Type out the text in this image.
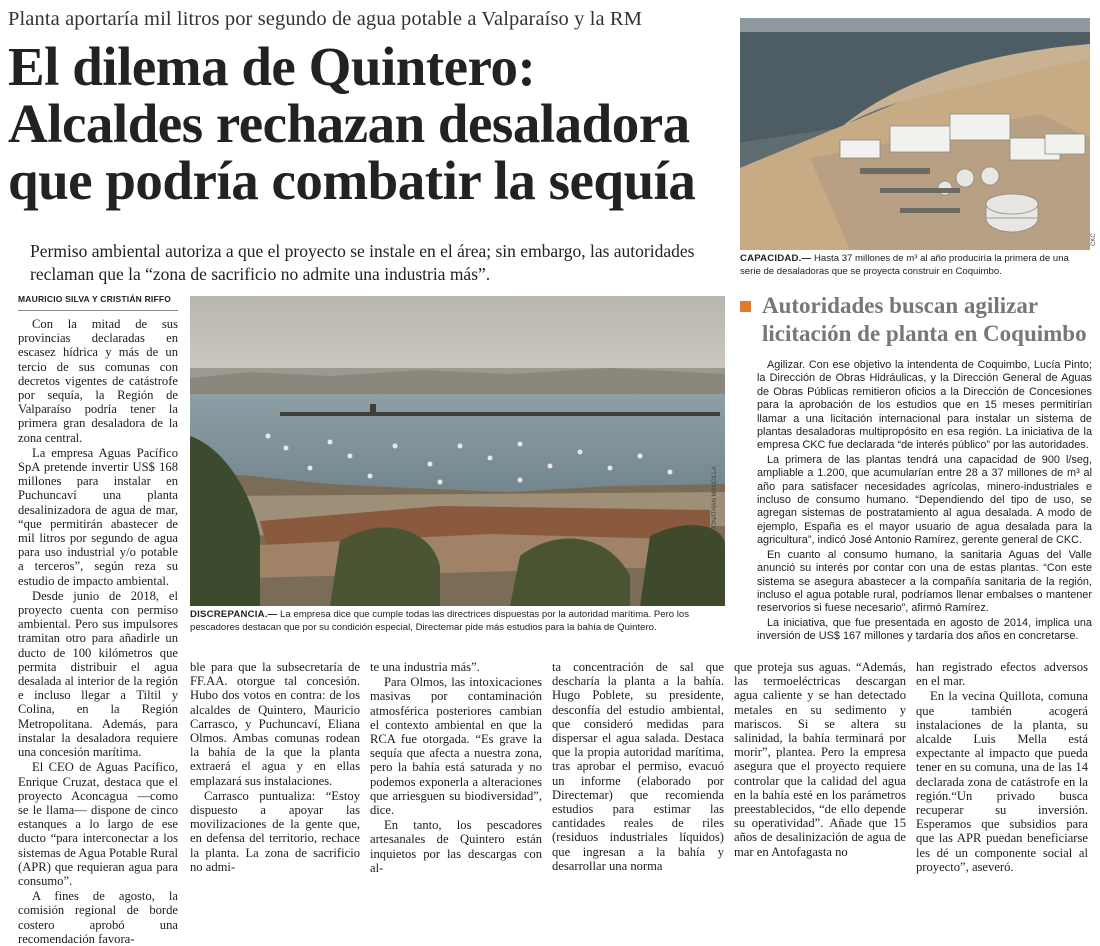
Planta aportaría mil litros por segundo de agua potable a Valparaíso y la RM
El dilema de Quintero:
Alcaldes rechazan desaladora
que podría combatir la sequía
Permiso ambiental autoriza a que el proyecto se instale en el área; sin embargo, las autoridades reclaman que la “zona de sacrificio no admite una industria más”.
MAURICIO SILVA Y CRISTIÁN RIFFO

Con la mitad de sus provincias declaradas en escasez hídrica y más de un tercio de sus comunas con decretos vigentes de catástrofe por sequía, la Región de Valparaíso podría tener la primera gran desaladora de la zona central.

La empresa Aguas Pacífico SpA pretende invertir US$ 168 millones para instalar en Puchuncaví una planta desalinizadora de agua de mar, “que permitirán abastecer de mil litros por segundo de agua para uso industrial y/o potable a terceros”, según reza su estudio de impacto ambiental.

Desde junio de 2018, el proyecto cuenta con permiso ambiental. Pero sus impulsores tramitan otro para añadirle un ducto de 100 kilómetros que permita distribuir el agua desalada al interior de la región e incluso llegar a Tiltil y Colina, en la Región Metropolitana. Además, para instalar la desaladora requiere una concesión marítima.

El CEO de Aguas Pacífico, Enrique Cruzat, destaca que el proyecto Aconcagua —como se le llama— dispone de cinco estanques a lo largo de ese ducto “para interconectar a los sistemas de Agua Potable Rural (APR) que requieran agua para consumo”.

A fines de agosto, la comisión regional de borde costero aprobó una recomendación favora-

JONATHAN MANCILLA
DISCREPANCIA.— La empresa dice que cumple todas las directrices dispuestas por la autoridad marítima. Pero los pescadores destacan que por su condición especial, Directemar pide más estudios para la bahía de Quintero.

ble para que la subsecretaría de FF.AA. otorgue tal concesión. Hubo dos votos en contra: de los alcaldes de Quintero, Mauricio Carrasco, y Puchuncaví, Eliana Olmos. Ambas comunas rodean la bahía de la que la planta extraerá el agua y en ellas emplazará sus instalaciones.

Carrasco puntualiza: “Estoy dispuesto a apoyar las movilizaciones de la gente que, en defensa del territorio, rechace la planta. La zona de sacrificio no admi-

te una industria más”.

Para Olmos, las intoxicaciones masivas por contaminación atmosférica posteriores cambian el contexto ambiental en que la RCA fue otorgada. “Es grave la sequía que afecta a nuestra zona, pero la bahía está saturada y no podemos exponerla a alteraciones que arriesguen su biodiversidad”, dice.

En tanto, los pescadores artesanales de Quintero están inquietos por las descargas con al-

ta concentración de sal que descharía la planta a la bahía. Hugo Poblete, su presidente, desconfía del estudio ambiental, que consideró medidas para dispersar el agua salada. Destaca que la propia autoridad marítima, tras aprobar el permiso, evacuó un informe (elaborado por Directemar) que recomienda estudios para estimar las cantidades reales de riles (residuos industriales líquidos) que ingresan a la bahía y desarrollar una norma

que proteja sus aguas. “Además, las termoeléctricas descargan agua caliente y se han detectado metales en su sedimento y mariscos. Si se altera su salinidad, la bahía terminará por morir”, plantea. Pero la empresa asegura que el proyecto requiere controlar que la calidad del agua en la bahía esté en los parámetros preestablecidos, “de ello depende su operatividad”. Añade que 15 años de desalinización de agua de mar en Antofagasta no

han registrado efectos adversos en el mar.

En la vecina Quillota, comuna que también acogerá instalaciones de la planta, su alcalde Luis Mella está expectante al impacto que pueda tener en su comuna, una de las 14 declarada zona de catástrofe en la región.“Un privado busca recuperar su inversión. Esperamos que subsidios para que las APR puedan beneficiarse les dé un componente social al proyecto”, aseveró.

CKC
CAPACIDAD.— Hasta 37 millones de m³ al año produciría la primera de una serie de desaladoras que se proyecta construir en Coquimbo.
Autoridades buscan agilizar licitación de planta en Coquimbo

Agilizar. Con ese objetivo la intendenta de Coquimbo, Lucía Pinto; la Dirección de Obras Hidráulicas, y la Dirección General de Aguas de Obras Públicas remitieron oficios a la Dirección de Concesiones para la aprobación de los estudios que en 15 meses permitirían llamar a una licitación internacional para instalar un sistema de plantas desaladoras multipropósito en esa región. La iniciativa de la empresa CKC fue declarada “de interés público” por las autoridades.

La primera de las plantas tendrá una capacidad de 900 l/seg, ampliable a 1.200, que acumularían entre 28 a 37 millones de m³ al año para satisfacer necesidades agrícolas, minero-industriales e incluso de consumo humano. “Dependiendo del tipo de uso, se agregan sistemas de postratamiento al agua desalada. A modo de ejemplo, España es el mayor usuario de agua desalada para la agricultura”, indicó José Antonio Ramírez, gerente general de CKC.

En cuanto al consumo humano, la sanitaria Aguas del Valle anunció su interés por contar con una de estas plantas. “Con este sistema se asegura abastecer a la compañía sanitaria de la región, incluso el agua potable rural, podríamos llenar embalses o mantener reservorios si fuese necesario”, afirmó Ramírez.

La iniciativa, que fue presentada en agosto de 2014, implica una inversión de US$ 167 millones y tardaría dos años en concretarse.
